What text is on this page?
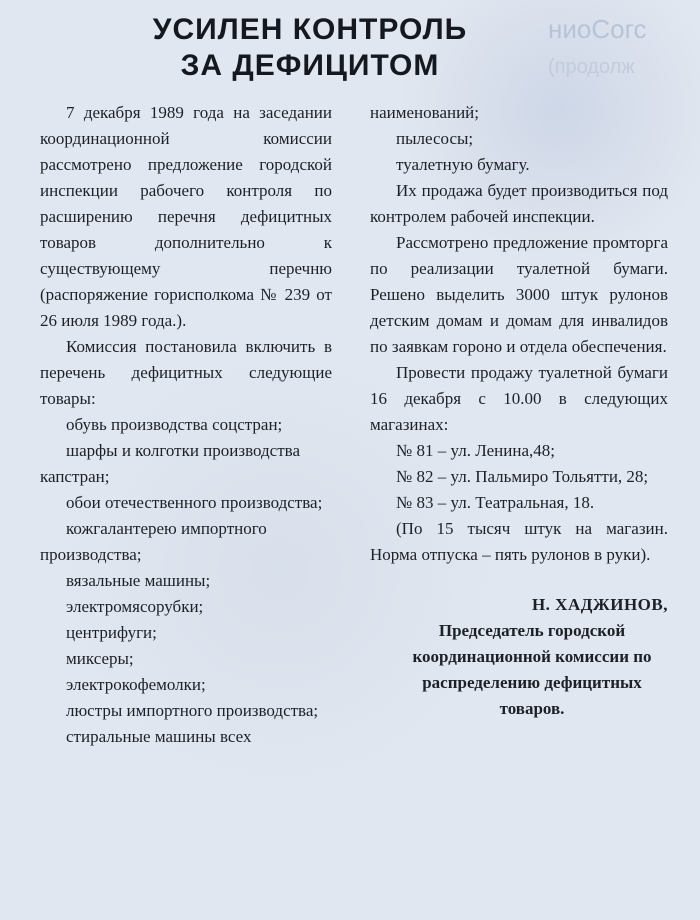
ниоСогс
(продолж
УСИЛЕН КОНТРОЛЬ
ЗА ДЕФИЦИТОМ

7 декабря 1989 года на заседании координационной комиссии рассмотрено предложение городской инспекции рабочего контроля по расширению перечня дефицитных товаров дополнительно к существующему перечню (распоряжение горисполкома № 239 от 26 июля 1989 года.).

Комиссия постановила включить в перечень дефицитных следующие товары:

обувь производства соцстран;

шарфы и колготки производства капстран;

обои отечественного производства;

кожгалантерею импортного производства;

вязальные машины;

электромясорубки;

центрифуги;

миксеры;

электрокофемолки;

люстры импортного производства;

стиральные машины всех

наименований;

пылесосы;

туалетную бумагу.

Их продажа будет производиться под контролем рабочей инспекции.

Рассмотрено предложение промторга по реализации туалетной бумаги. Решено выделить 3000 штук рулонов детским домам и домам для инвалидов по заявкам гороно и отдела обеспечения.

Провести продажу туалетной бумаги 16 декабря с 10.00 в следующих магазинах:

№ 81 – ул. Ленина,48;

№ 82 – ул. Пальмиро Тольятти, 28;

№ 83 – ул. Театральная, 18.

(По 15 тысяч штук на магазин. Норма отпуска – пять рулонов в руки).

Н. ХАДЖИНОВ,

Председатель городской координационной комиссии по распределению дефицитных товаров.
